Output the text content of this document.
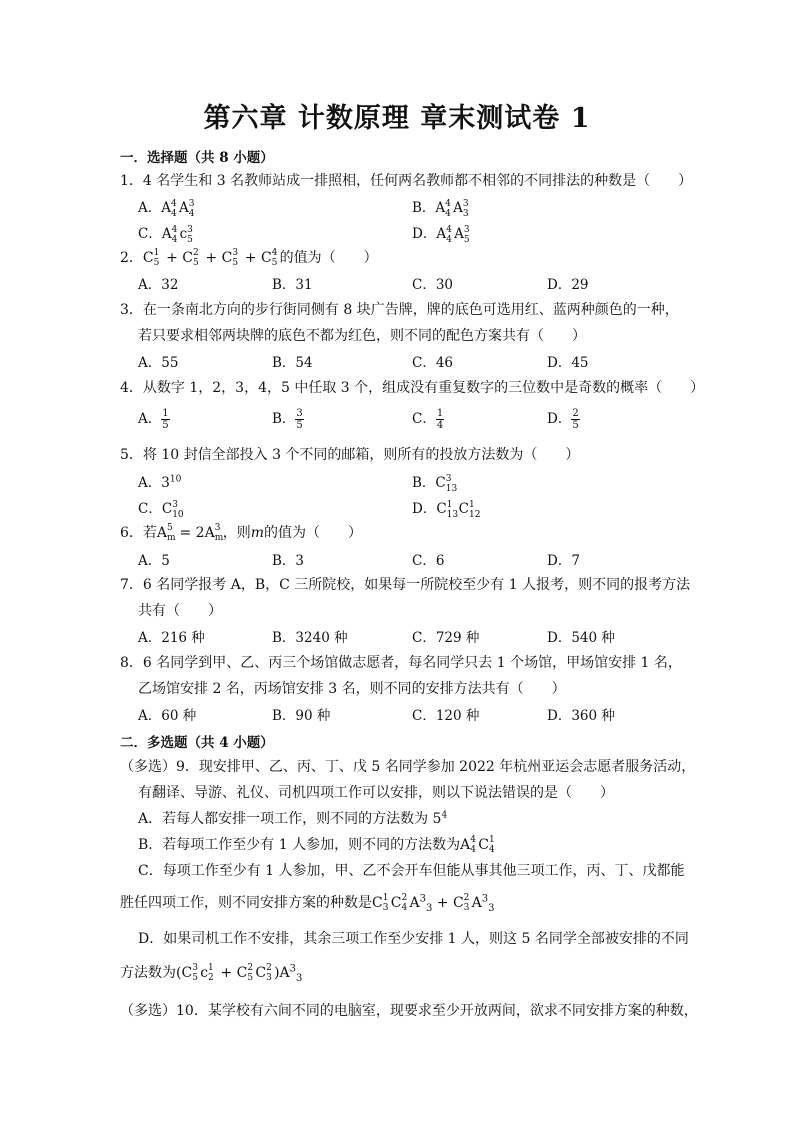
第六章 计数原理 章末测试卷 1
一．选择题（共 8 小题）
1．4 名学生和 3 名教师站成一排照相，任何两名教师都不相邻的不同排法的种数是（　　）
A．A 4
4 A 3
4	B．A 4
4 A 3
3
C．A 4
4 c 3
5	D．A 4
4 A 3
5
2．C 1
5 + C 2
5 + C 3
5 + C 4
5 的值为（　　）
A．32	B．31	C．30	D．29
3．在一条南北方向的步行街同侧有 8 块广告牌，牌的底色可选用红、蓝两种颜色的一种，
若只要求相邻两块牌的底色不都为红色，则不同的配色方案共有（　　）
A．55	B．54	C．46	D．45
4．从数字 1，2，3，4，5 中任取 3 个，组成没有重复数字的三位数中是奇数的概率（　　）
A． $\frac{1}{5}$	B． $\frac{3}{5}$	C． $\frac{1}{4}$	D． $\frac{2}{5}$
5．将 10 封信全部投入 3 个不同的邮箱，则所有的投放方法数为（　　）
A．$3^{10}$	B．C 3
13
C．C 3
10	D．C 1
13 C 1
12
6．若A 5
m = 2A 3
m ，则m的值为（　　）
A．5	B．3	C．6	D．7
7．6 名同学报考 A，B，C 三所院校，如果每一所院校至少有 1 人报考，则不同的报考方法
共有（　　）
A．216 种	B．3240 种	C．729 种	D．540 种
8．6 名同学到甲、乙、丙三个场馆做志愿者，每名同学只去 1 个场馆，甲场馆安排 1 名，
乙场馆安排 2 名，丙场馆安排 3 名，则不同的安排方法共有（　　）
A．60 种	B．90 种	C．120 种	D．360 种
二．多选题（共 4 小题）
（多选）9．现安排甲、乙、丙、丁、戊 5 名同学参加 2022 年杭州亚运会志愿者服务活动，
有翻译、导游、礼仪、司机四项工作可以安排，则以下说法错误的是（　　）
A．若每人都安排一项工作，则不同的方法数为 $5^4$
B．若每项工作至少有 1 人参加，则不同的方法数为A 4
4 C 1
4
C．每项工作至少有 1 人参加，甲、乙不会开车但能从事其他三项工作，丙、丁、戊都能
胜任四项工作，则不同安排方案的种数是C 1
3 C 2
4 $A^3_3 + C$ 2
3 $A^3_3$
D．如果司机工作不安排，其余三项工作至少安排 1 人，则这 5 名同学全部被安排的不同
方法数为(C 3
5 c 1
2 + C 2
5 C 2
3 )$A^3_3$
（多选）10．某学校有六间不同的电脑室，现要求至少开放两间，欲求不同安排方案的种数，
